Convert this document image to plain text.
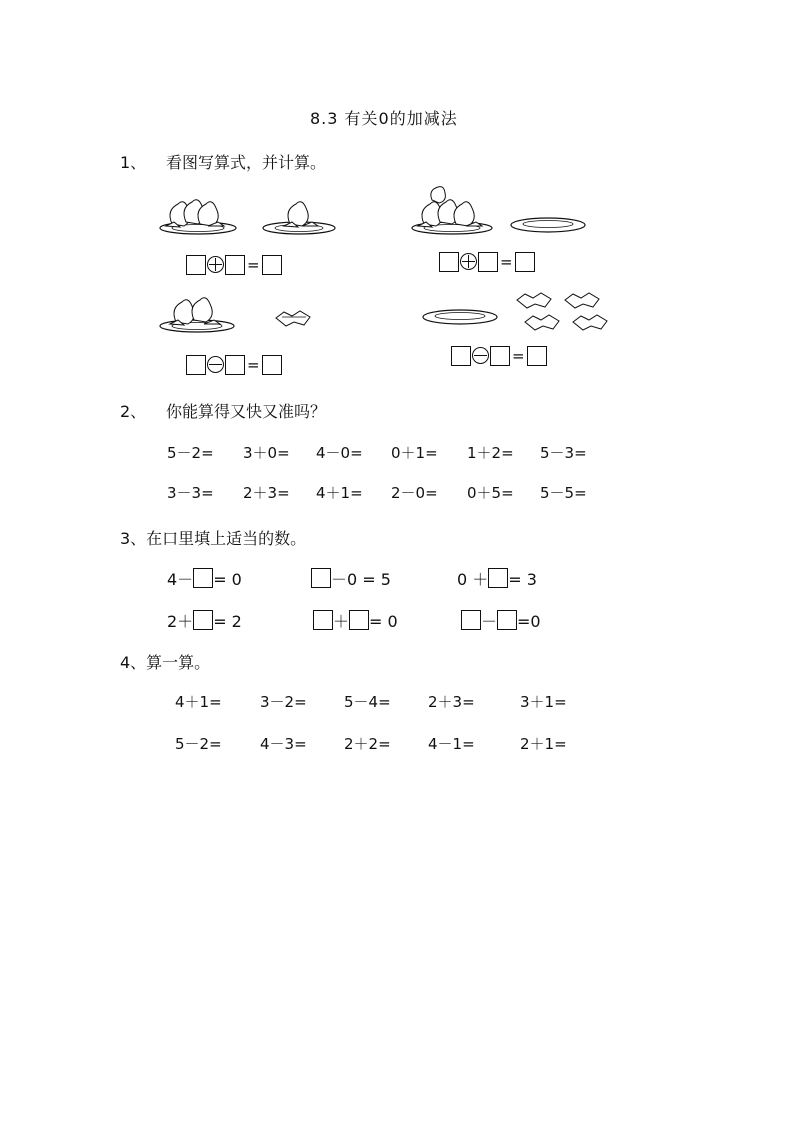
8.3 有关0的加减法
1、 看图写算式，并计算。
=	=
=	=
2、 你能算得又快又准吗？
5－2= 3＋0= 4－0= 0＋1= 1＋2= 5－3=
3－3= 2＋3= 4＋1= 2－0= 0＋5= 5－5=
3、在口里填上适当的数。
4－ = 0	－0 = 5	0 ＋ = 3
2＋ = 2	＋ = 0	－ =0
4、算一算。
4＋1=	3－2= 5－4= 2＋3=	3＋1=
5－2=	4－3= 2＋2= 4－1=	2＋1=
